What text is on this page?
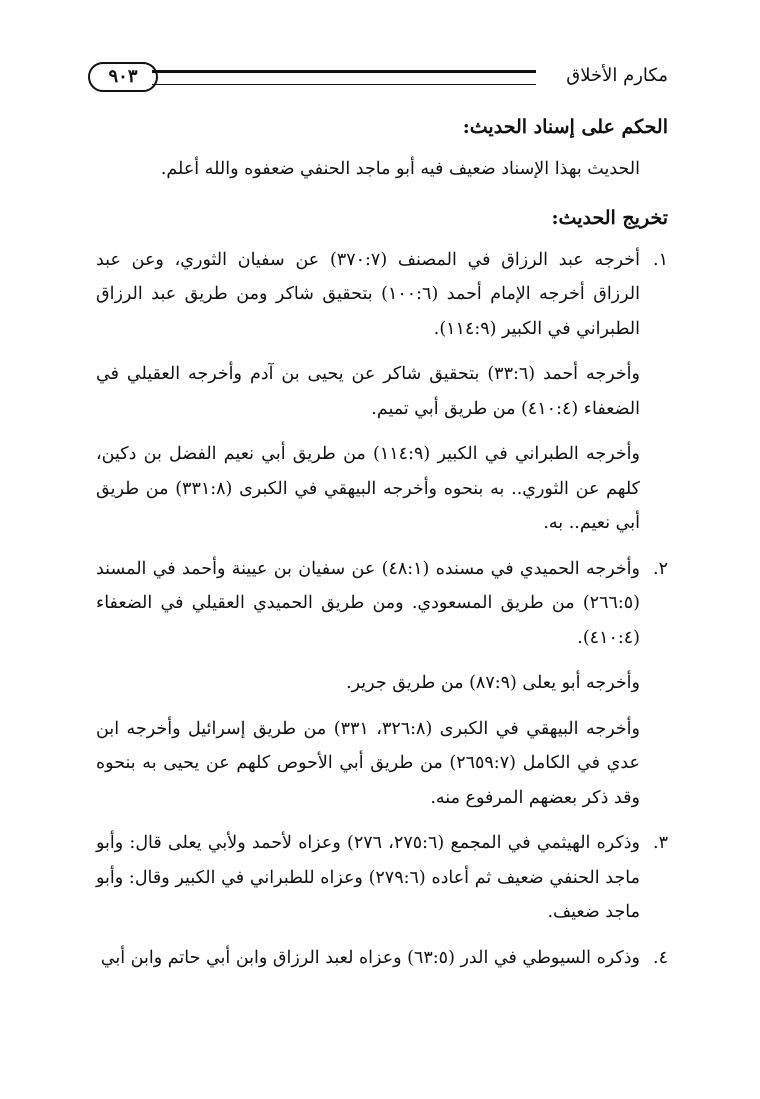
٩٠٣	مكارم الأخلاق
الحكم على إسناد الحديث:

الحديث بهذا الإسناد ضعيف فيه أبو ماجد الحنفي ضعفوه والله أعلم.

تخريج الحديث:
١.
أخرجه عبد الرزاق في المصنف (٣٧٠:٧) عن سفيان الثوري، وعن عبد الرزاق أخرجه الإمام أحمد (١٠٠:٦) بتحقيق شاكر ومن طريق عبد الرزاق الطبراني في الكبير (١١٤:٩).

وأخرجه أحمد (٣٣:٦) بتحقيق شاكر عن يحيى بن آدم وأخرجه العقيلي في الضعفاء (٤١٠:٤) من طريق أبي تميم.

وأخرجه الطبراني في الكبير (١١٤:٩) من طريق أبي نعيم الفضل بن دكين، كلهم عن الثوري.. به بنحوه وأخرجه البيهقي في الكبرى (٣٣١:٨) من طريق أبي نعيم.. به.

٢.
وأخرجه الحميدي في مسنده (٤٨:١) عن سفيان بن عيينة وأحمد في المسند (٢٦٦:٥) من طريق المسعودي. ومن طريق الحميدي العقيلي في الضعفاء (٤١٠:٤).

وأخرجه أبو يعلى (٨٧:٩) من طريق جرير.

وأخرجه البيهقي في الكبرى (٣٢٦:٨، ٣٣١) من طريق إسرائيل وأخرجه ابن عدي في الكامل (٢٦٥٩:٧) من طريق أبي الأحوص كلهم عن يحيى به بنحوه وقد ذكر بعضهم المرفوع منه.

٣.
وذكره الهيثمي في المجمع (٢٧٥:٦، ٢٧٦) وعزاه لأحمد ولأبي يعلى قال: وأبو ماجد الحنفي ضعيف ثم أعاده (٢٧٩:٦) وعزاه للطبراني في الكبير وقال: وأبو ماجد ضعيف.
٤.
وذكره السيوطي في الدر (٦٣:٥) وعزاه لعبد الرزاق وابن أبي حاتم وابن أبي
